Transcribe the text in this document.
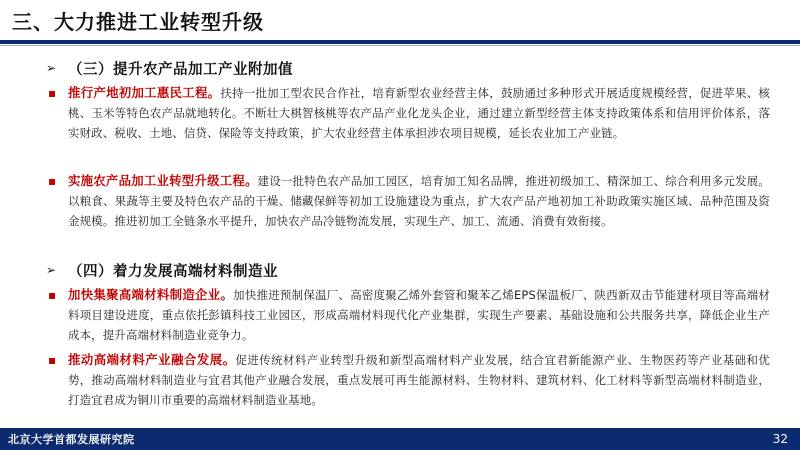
三、大力推进工业转型升级
➢ （三）提升农产品加工产业附加值
▪ 推行产地初加工惠民工程。扶持一批加工型农民合作社，培育新型农业经营主体，鼓励通过多种形式开展适度规模经营，促进苹果、核桃、玉米等特色农产品就地转化。不断壮大棋智核桃等农产品产业化龙头企业，通过建立新型经营主体支持政策体系和信用评价体系，落实财政、税收、土地、信贷、保险等支持政策，扩大农业经营主体承担涉农项目规模，延长农业加工产业链。

▪ 实施农产品加工业转型升级工程。建设一批特色农产品加工园区，培育加工知名品牌，推进初级加工、精深加工、综合利用多元发展。以粮食、果蔬等主要及特色农产品的干燥、储藏保鲜等初加工设施建设为重点，扩大农产品产地初加工补助政策实施区域、品种范围及资金规模。推进初加工全链条水平提升，加快农产品冷链物流发展，实现生产、加工、流通、消费有效衔接。

➢ （四）着力发展高端材料制造业
▪ 加快集聚高端材料制造企业。加快推进预制保温厂、高密度聚乙烯外套管和聚苯乙烯EPS保温板厂、陕西新双击节能建材项目等高端材料项目建设进度，重点依托彭镇科技工业园区，形成高端材料现代化产业集群，实现生产要素、基础设施和公共服务共享，降低企业生产成本，提升高端材料制造业竞争力。

▪ 推动高端材料产业融合发展。促进传统材料产业转型升级和新型高端材料产业发展，结合宜君新能源产业、生物医药等产业基础和优势，推动高端材料制造业与宜君其他产业融合发展，重点发展可再生能源材料、生物材料、建筑材料、化工材料等新型高端材料制造业，打造宜君成为铜川市重要的高端材料制造业基地。

北京大学首都发展研究院	32
